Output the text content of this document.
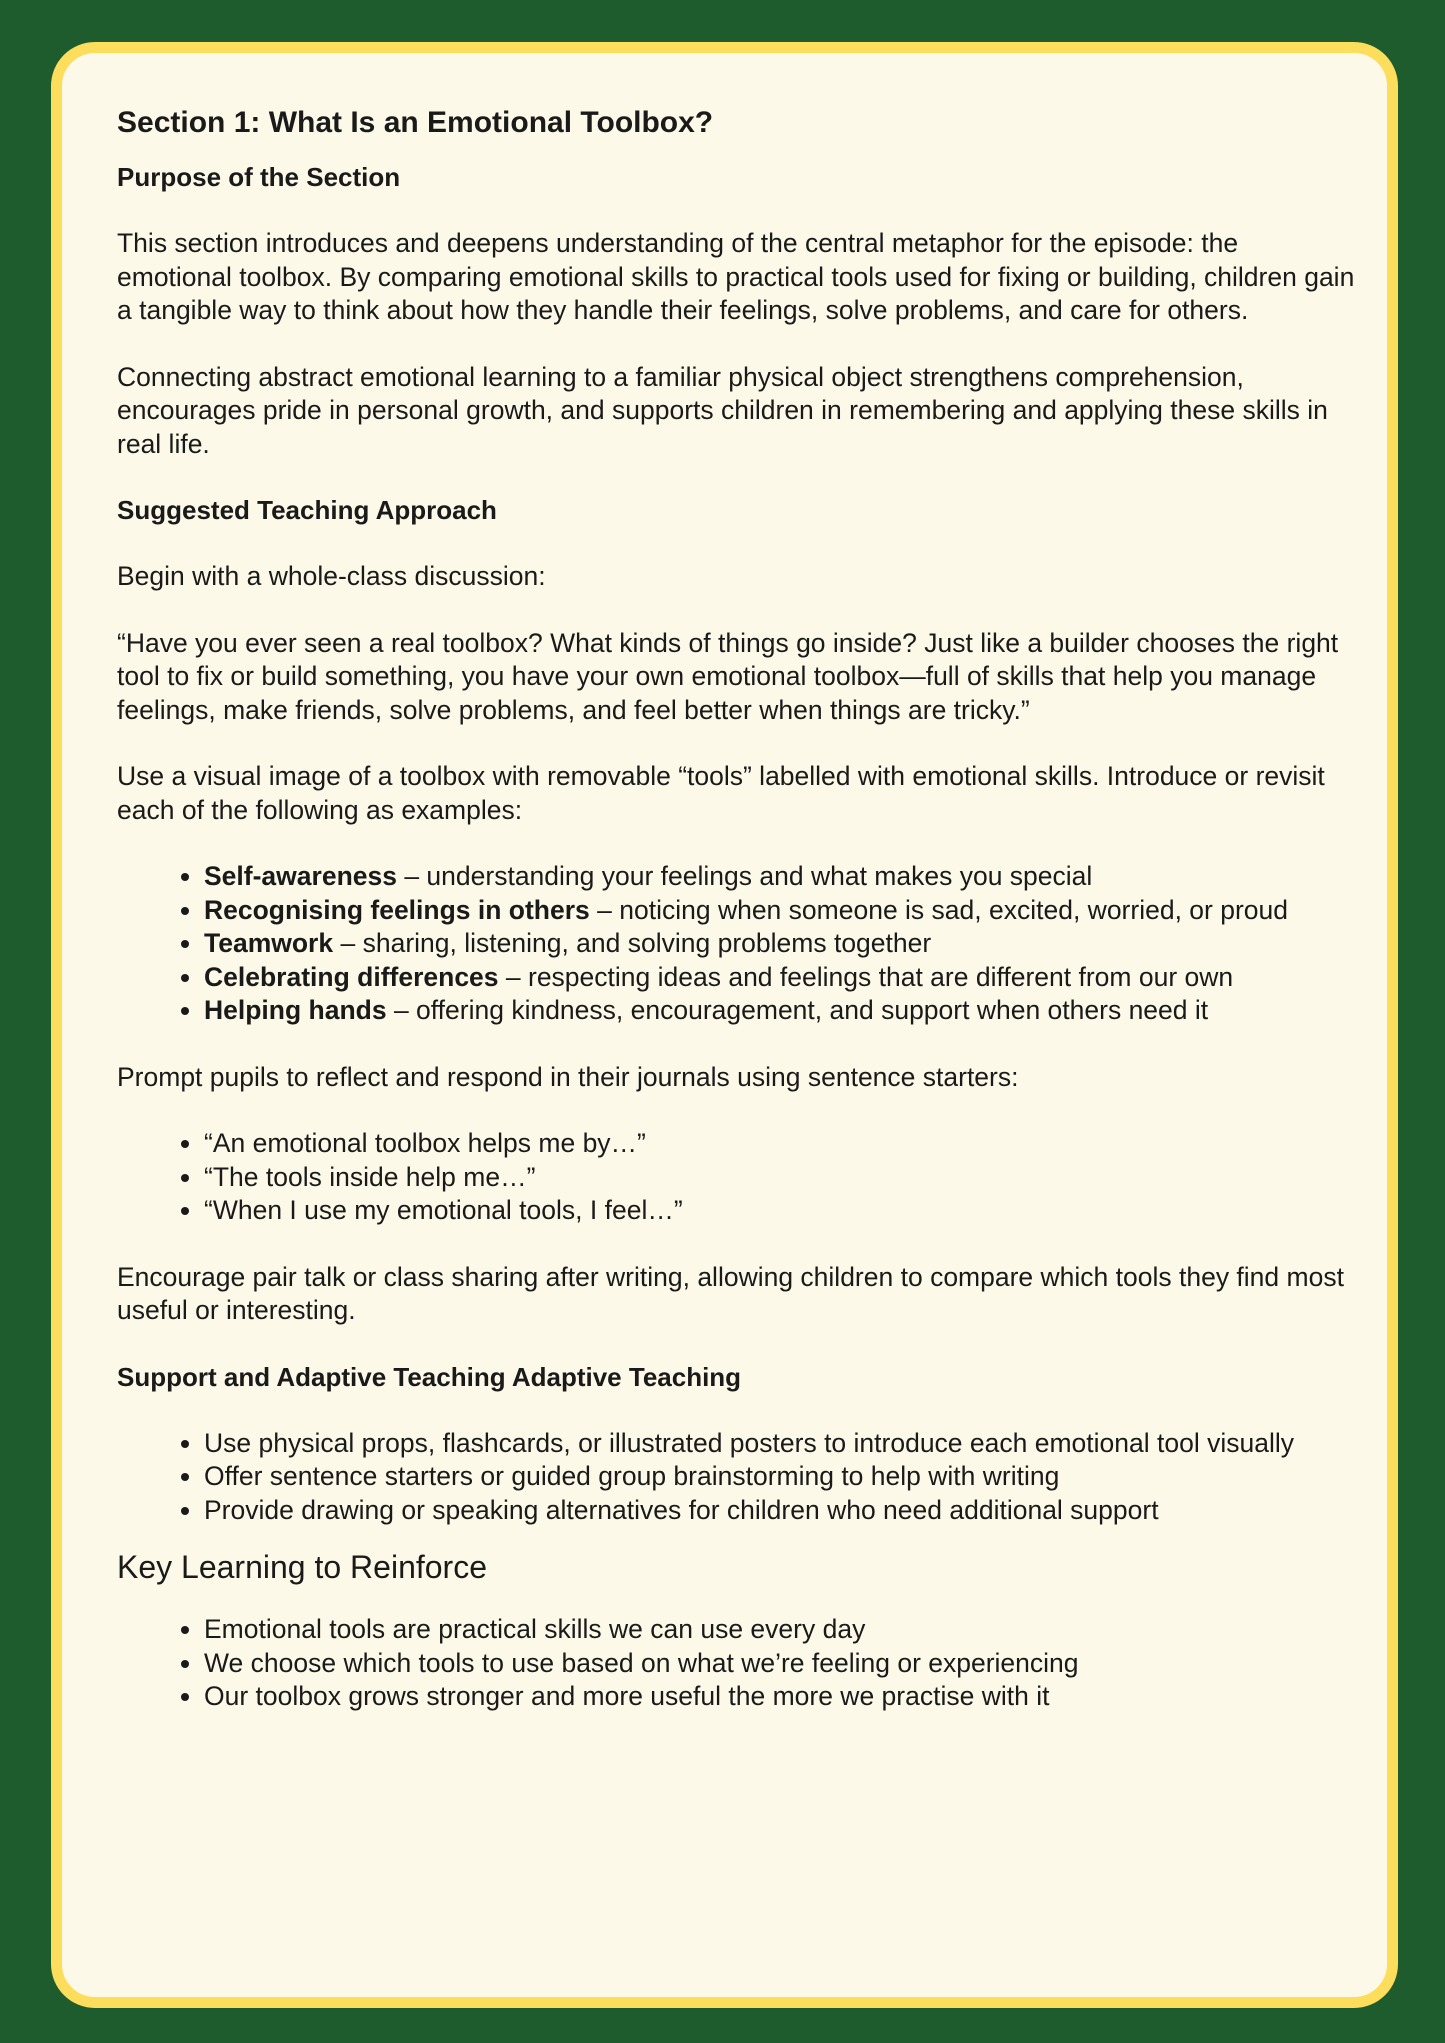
Section 1: What Is an Emotional Toolbox?
Purpose of the Section

This section introduces and deepens understanding of the central metaphor for the episode: the emotional toolbox. By comparing emotional skills to practical tools used for fixing or building, children gain a tangible way to think about how they handle their feelings, solve problems, and care for others.

Connecting abstract emotional learning to a familiar physical object strengthens comprehension, encourages pride in personal growth, and supports children in remembering and applying these skills in real life.

Suggested Teaching Approach

Begin with a whole-class discussion:

“Have you ever seen a real toolbox? What kinds of things go inside? Just like a builder chooses the right tool to fix or build something, you have your own emotional toolbox—full of skills that help you manage feelings, make friends, solve problems, and feel better when things are tricky.”

Use a visual image of a toolbox with removable “tools” labelled with emotional skills. Introduce or revisit each of the following as examples:

• Self-awareness – understanding your feelings and what makes you special
• Recognising feelings in others – noticing when someone is sad, excited, worried, or proud
• Teamwork – sharing, listening, and solving problems together
• Celebrating differences – respecting ideas and feelings that are different from our own
• Helping hands – offering kindness, encouragement, and support when others need it

Prompt pupils to reflect and respond in their journals using sentence starters:

• “An emotional toolbox helps me by…”
• “The tools inside help me…”
• “When I use my emotional tools, I feel…”

Encourage pair talk or class sharing after writing, allowing children to compare which tools they find most useful or interesting.

Support and Adaptive Teaching Adaptive Teaching
• Use physical props, flashcards, or illustrated posters to introduce each emotional tool visually
• Offer sentence starters or guided group brainstorming to help with writing
• Provide drawing or speaking alternatives for children who need additional support
Key Learning to Reinforce
• Emotional tools are practical skills we can use every day
• We choose which tools to use based on what we’re feeling or experiencing
• Our toolbox grows stronger and more useful the more we practise with it
